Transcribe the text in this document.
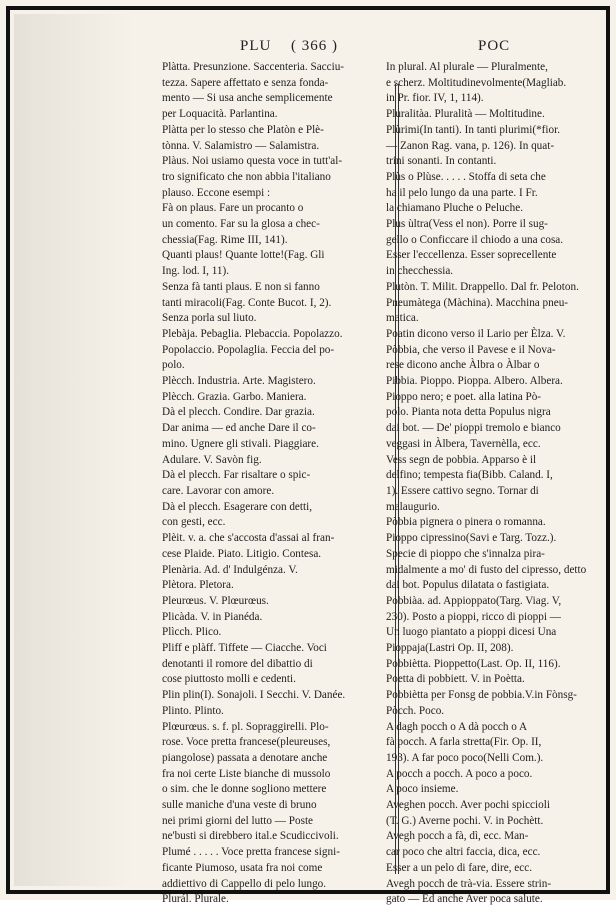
PLU ( 366 )	POC
Plàtta. Presunzione. Saccenteria. Sacciu-
tezza. Sapere affettato e senza fonda-
mento — Si usa anche semplicemente
per Loquacità. Parlantina.
Plàtta per lo stesso che Platòn e Plè-
tònna. V. Salamistro — Salamistra.
Plàus. Noi usiamo questa voce in tutt'al-
tro significato che non abbia l'italiano
plauso. Eccone esempi :
Fà on plaus. Fare un procanto o
un comento. Far su la glosa a chec-
chessia(Fag. Rime III, 141).
Quanti plaus! Quante lotte!(Fag. Gli
Ing. lod. I, 11).
Senza fà tanti plaus. E non si fanno
tanti miracoli(Fag. Conte Bucot. I, 2).
Senza porla sul liuto.
Plebàja. Pebaglia. Plebaccia. Popolazzo.
Popolaccio. Popolaglia. Feccia del po-
polo.
Plècch. Industria. Arte. Magistero.
Plècch. Grazia. Garbo. Maniera.
Dà el plecch. Condire. Dar grazia.
Dar anima — ed anche Dare il co-
mino. Ugnere gli stivali. Piaggiare.
Adulare. V. Savòn fig.
Dà el plecch. Far risaltare o spic-
care. Lavorar con amore.
Dà el plecch. Esagerare con detti,
con gesti, ecc.
Plèit. v. a. che s'accosta d'assai al fran-
cese Plaide. Piato. Litigio. Contesa.
Plenària. Ad. d' Indulgénza. V.
Plètora. Pletora.
Pleurœus. V. Plœurœus.
Plicàda. V. in Pianéda.
Plìcch. Plico.
Pliff e plàff. Tiffete — Ciacche. Voci
denotanti il romore del dibattio di
cose piuttosto molli e cedenti.
Plin plin(I). Sonajoli. I Secchi. V. Danée.
Plinto. Plinto.
Plœurœus. s. f. pl. Sopraggirelli. Plo-
rose. Voce pretta francese(pleureuses,
piangolose) passata a denotare anche
fra noi certe Liste bianche di mussolo
o sim. che le donne sogliono mettere
sulle maniche d'una veste di bruno
nei primi giorni del lutto — Poste
ne'busti si direbbero ital.e Scudiccivoli.
Plumé . . . . . Voce pretta francese signi-
ficante Piumoso, usata fra noi come
addiettivo di Cappello di pelo lungo.
Plurál. Plurale.
In plural. Al plurale — Pluralmente,
e scherz. Moltitudinevolmente(Magliab.
in Pr. fior. IV, 1, 114).
Pluralitàa. Pluralità — Moltitudine.
Plùrimi(In tanti). In tanti plurimi(*fior.
— Zanon Rag. vana, p. 126). In quat-
trini sonanti. In contanti.
Plùs o Plùse. . . . . Stoffa di seta che
ha il pelo lungo da una parte. I Fr.
la chiamano Pluche o Peluche.
Plus ùltra(Vess el non). Porre il sug-
gello o Conficcare il chiodo a una cosa.
Esser l'eccellenza. Esser soprecellente
in checchessia.
Plutòn. T. Milit. Drappello. Dal fr. Peloton.
Pneumàtega (Màchina). Macchina pneu-
matica.
Poatin dicono verso il Lario per Èlza. V.
Pòbbia, che verso il Pavese e il Nova-
rese dicono anche Àlbra o Àlbar o
Pibbia. Pioppo. Pioppa. Albero. Albera.
Pioppo nero; e poet. alla latina Pò-
polo. Pianta nota detta Populus nigra
dai bot. — De' pioppi tremolo e bianco
veggasi in Àlbera, Tavernèlla, ecc.
Vess segn de pobbia. Apparso è il
delfino; tempesta fia(Bibb. Caland. I,
1). Essere cattivo segno. Tornar di
malaugurio.
Pòbbia pignera o pinera o romanna.
Pioppo cipressino(Savi e Targ. Tozz.).
Specie di pioppo che s'innalza pira-
midalmente a mo' di fusto del cipresso, detto
dai bot. Populus dilatata o fastigiata.
Pobbiàa. ad. Appioppato(Targ. Viag. V,
230). Posto a pioppi, ricco di pioppi —
Un luogo piantato a pioppi dicesi Una
Pioppaja(Lastri Op. II, 208).
Pobbiètta. Pioppetto(Last. Op. II, 116).
Poetta di pobbiett. V. in Poètta.
Pobbiètta per Fonsg de pobbia.V.in Fònsg-
Pòcch. Poco.
A dagh pocch o A dà pocch o A
fà pocch. A farla stretta(Fir. Op. II,
193). A far poco poco(Nelli Com.).
A pocch a pocch. A poco a poco.
A poco insieme.
Aveghen pocch. Aver pochi spiccioli
(T. G.) Averne pochi. V. in Pochètt.
Avegh pocch a fà, dì, ecc. Man-
car poco che altri faccia, dica, ecc.
Esser a un pelo di fare, dire, ecc.
Avegh pocch de trà-via. Essere strin-
gato — Ed anche Aver poca salute.
